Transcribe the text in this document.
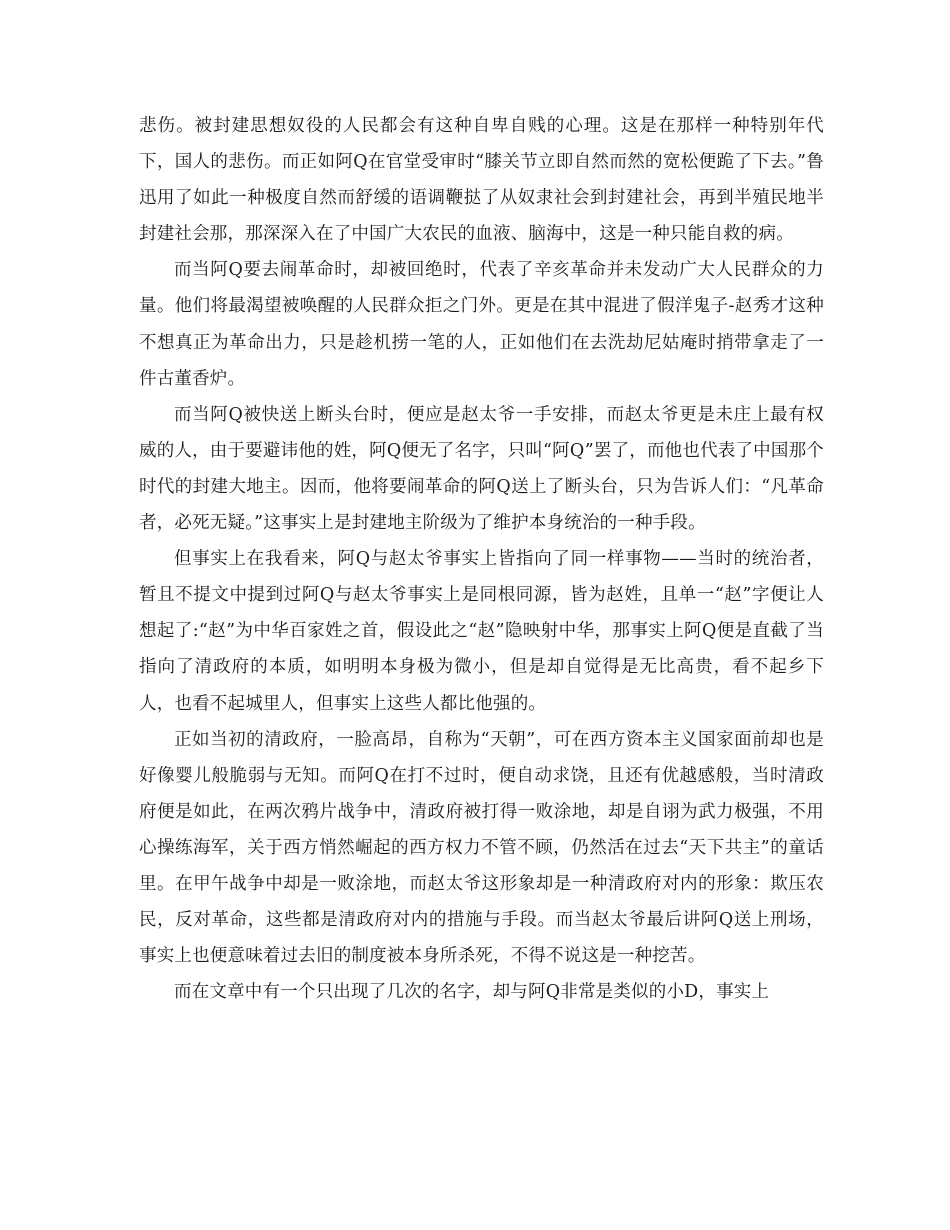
悲伤。被封建思想奴役的人民都会有这种自卑自贱的心理。这是在那样一种特别年代下，国人的悲伤。而正如阿Q在官堂受审时“膝关节立即自然而然的宽松便跪了下去。”鲁迅用了如此一种极度自然而舒缓的语调鞭挞了从奴隶社会到封建社会，再到半殖民地半封建社会那，那深深入在了中国广大农民的血液、脑海中，这是一种只能自救的病。

而当阿Q要去闹革命时，却被回绝时，代表了辛亥革命并未发动广大人民群众的力量。他们将最渴望被唤醒的人民群众拒之门外。更是在其中混进了假洋鬼子-赵秀才这种不想真正为革命出力，只是趁机捞一笔的人，正如他们在去洗劫尼姑庵时捎带拿走了一件古董香炉。

而当阿Q被快送上断头台时，便应是赵太爷一手安排，而赵太爷更是未庄上最有权威的人，由于要避讳他的姓，阿Q便无了名字，只叫“阿Q”罢了，而他也代表了中国那个时代的封建大地主。因而，他将要闹革命的阿Q送上了断头台，只为告诉人们：“凡革命者，必死无疑。”这事实上是封建地主阶级为了维护本身统治的一种手段。

但事实上在我看来，阿Q与赵太爷事实上皆指向了同一样事物——当时的统治者，暂且不提文中提到过阿Q与赵太爷事实上是同根同源，皆为赵姓，且单一“赵”字便让人想起了:“赵”为中华百家姓之首，假设此之“赵”隐映射中华，那事实上阿Q便是直截了当指向了清政府的本质，如明明本身极为微小，但是却自觉得是无比高贵，看不起乡下人，也看不起城里人，但事实上这些人都比他强的。

正如当初的清政府，一脸高昂，自称为“天朝”，可在西方资本主义国家面前却也是好像婴儿般脆弱与无知。而阿Q在打不过时，便自动求饶，且还有优越感般，当时清政府便是如此，在两次鸦片战争中，清政府被打得一败涂地，却是自诩为武力极强，不用心操练海军，关于西方悄然崛起的西方权力不管不顾，仍然活在过去“天下共主”的童话里。在甲午战争中却是一败涂地，而赵太爷这形象却是一种清政府对内的形象：欺压农民，反对革命，这些都是清政府对内的措施与手段。而当赵太爷最后讲阿Q送上刑场，事实上也便意味着过去旧的制度被本身所杀死，不得不说这是一种挖苦。

而在文章中有一个只出现了几次的名字，却与阿Q非常是类似的小D，事实上
